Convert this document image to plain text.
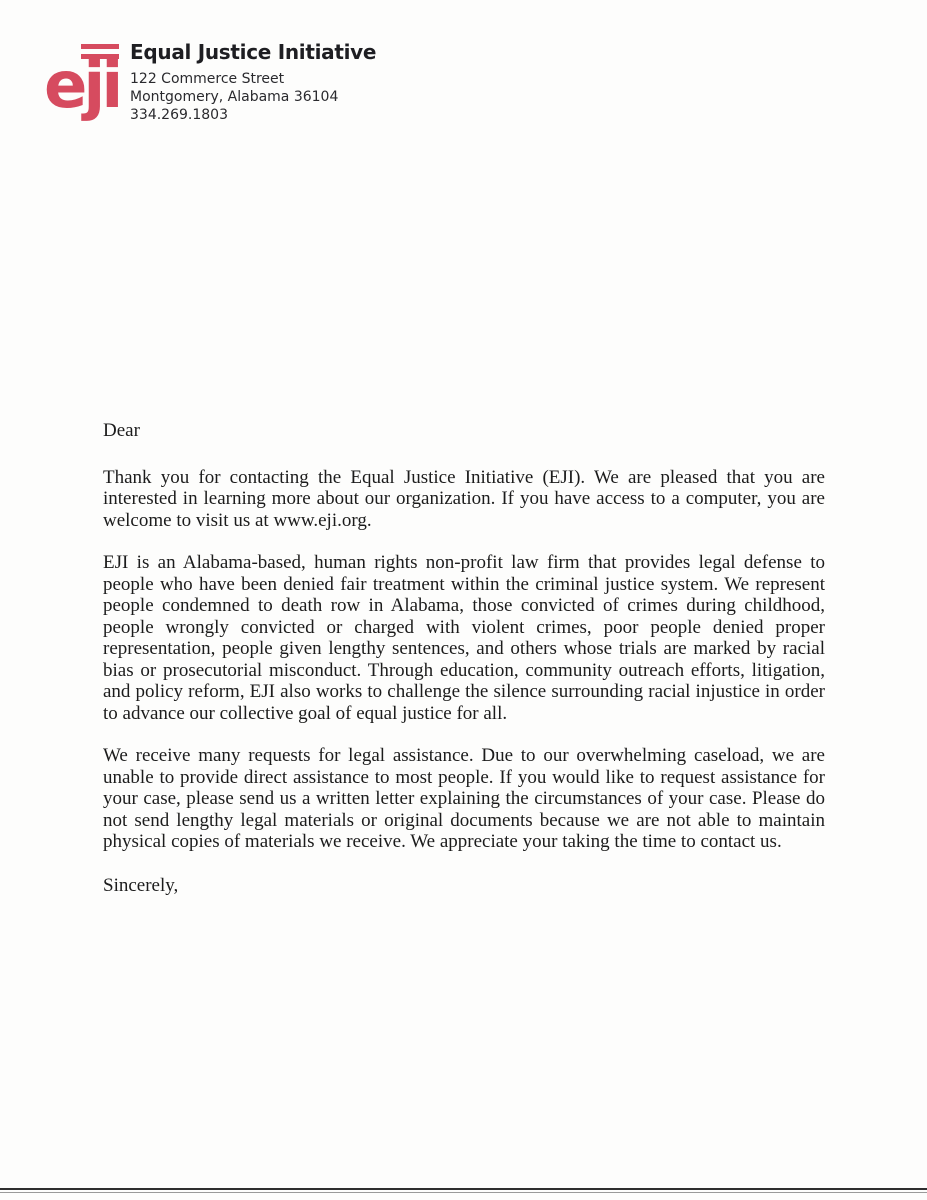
eji Equal Justice Initiative
122 Commerce Street
Montgomery, Alabama 36104
334.269.1803

Dear

Thank you for contacting the Equal Justice Initiative (EJI). We are pleased that you are interested in learning more about our organization. If you have access to a computer, you are welcome to visit us at www.eji.org.

EJI is an Alabama-based, human rights non-profit law firm that provides legal defense to people who have been denied fair treatment within the criminal justice system. We represent people condemned to death row in Alabama, those convicted of crimes during childhood, people wrongly convicted or charged with violent crimes, poor people denied proper representation, people given lengthy sentences, and others whose trials are marked by racial bias or prosecutorial misconduct. Through education, community outreach efforts, litigation, and policy reform, EJI also works to challenge the silence surrounding racial injustice in order to advance our collective goal of equal justice for all.

We receive many requests for legal assistance. Due to our overwhelming caseload, we are unable to provide direct assistance to most people. If you would like to request assistance for your case, please send us a written letter explaining the circumstances of your case. Please do not send lengthy legal materials or original documents because we are not able to maintain physical copies of materials we receive. We appreciate your taking the time to contact us.

Sincerely,
